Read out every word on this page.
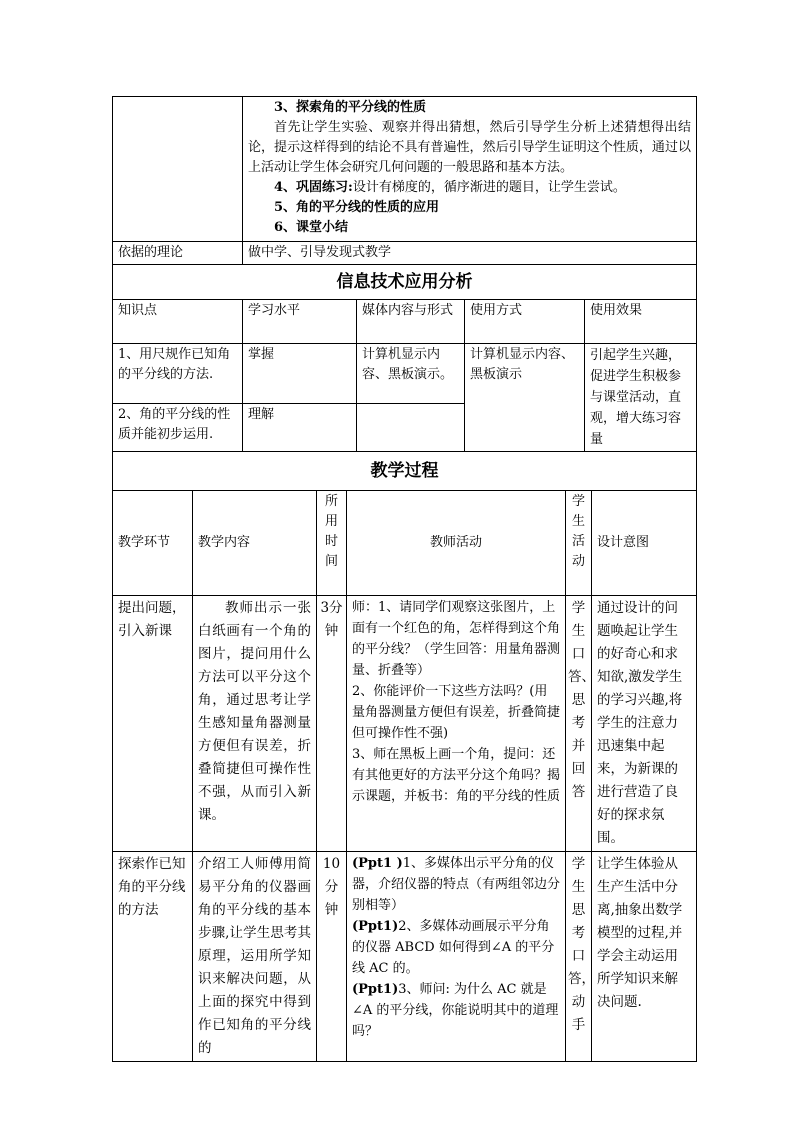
	3、探索角的平分线的性质

首先让学生实验、观察并得出猜想，然后引导学生分析上述猜想得出结论，提示这样得到的结论不具有普遍性，然后引导学生证明这个性质，通过以上活动让学生体会研究几何问题的一般思路和基本方法。

4、巩固练习:设计有梯度的，循序渐进的题目，让学生尝试。

5、角的平分线的性质的应用

6、课堂小结

依据的理论	做中学、引导发现式教学
信息技术应用分析				
知识点	学习水平	媒体内容与形式	使用方式	使用效果
1、用尺规作已知角的平分线的方法.	掌握	计算机显示内容、黑板演示。	计算机显示内容、黑板演示	引起学生兴趣，促进学生积极参与课堂活动，直观，增大练习容量
2、角的平分线的性质并能初步运用.	理解			
教学过程					
教学环节	教学内容	所用时间	教师活动	学生活动	设计意图
提出问题，引入新课	教师出示一张白纸画有一个角的图片，提问用什么方法可以平分这个角，通过思考让学生感知量角器测量方便但有误差，折叠简捷但可操作性不强，从而引入新课。	3分钟	师：1、请同学们观察这张图片，上面有一个红色的角，怎样得到这个角的平分线？（学生回答：用量角器测量、折叠等）

2、你能评价一下这些方法吗？(用量角器测量方便但有误差，折叠简捷但可操作性不强)

3、师在黑板上画一个角，提问：还有其他更好的方法平分这个角吗？揭示课题，并板书：角的平分线的性质	学生口答、思考并回答	通过设计的问题唤起让学生的好奇心和求知欲,激发学生的学习兴趣,将学生的注意力迅速集中起来，为新课的进行营造了良好的探求氛围。
探索作已知角的平分线的方法	介绍工人师傅用简易平分角的仪器画角的平分线的基本步骤,让学生思考其原理，运用所学知识来解决问题，从上面的探究中得到作已知角的平分线的	10分钟	(Ppt1 )1、多媒体出示平分角的仪器，介绍仪器的特点（有两组邻边分别相等）

(Ppt1)2、多媒体动画展示平分角的仪器 ABCD 如何得到∠A 的平分线 AC 的。

(Ppt1)3、师问: 为什么 AC 就是∠A 的平分线，你能说明其中的道理吗？	学生思考口答，动手	让学生体验从生产生活中分离,抽象出数学模型的过程,并学会主动运用所学知识来解决问题.
